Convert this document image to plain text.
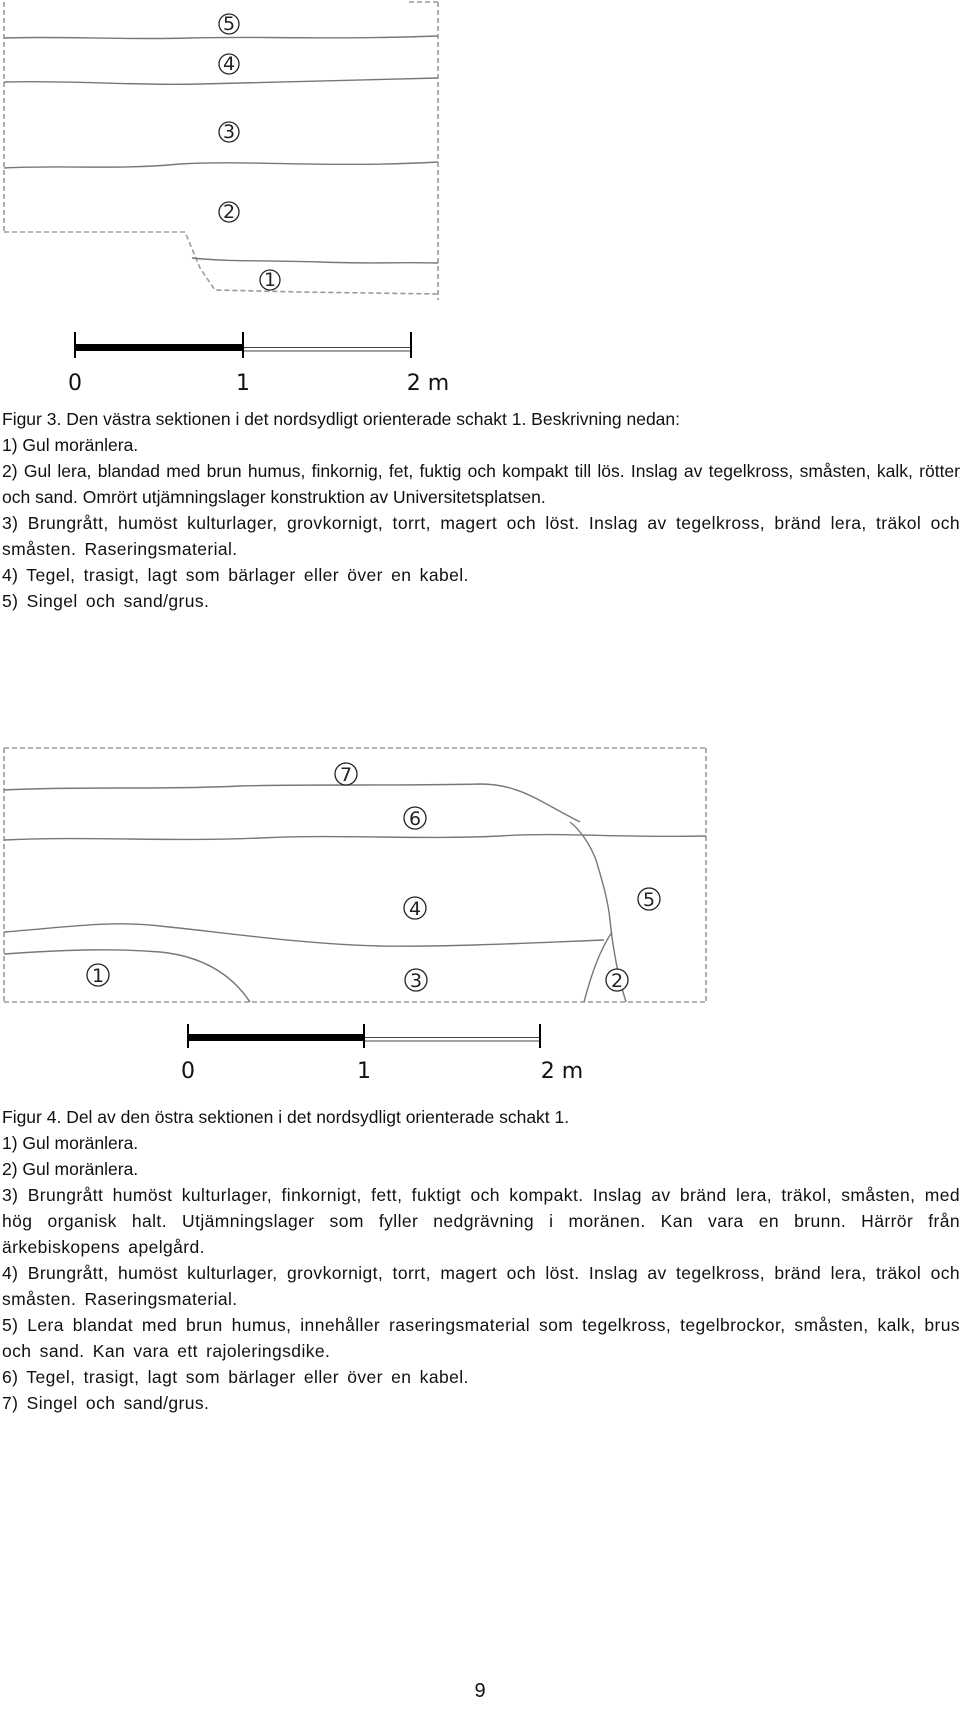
5
4
3
2
1
0	1	2 m

Figur 3. Den västra sektionen i det nordsydligt orienterade schakt 1. Beskrivning nedan:

1) Gul moränlera.

2) Gul lera, blandad med brun humus, finkornig, fet, fuktig och kompakt till lös. Inslag av tegelkross, småsten, kalk, rötter och sand. Omrört utjämningslager konstruktion av Universitetsplatsen.

3) Brungrått, humöst kulturlager, grovkornigt, torrt, magert och löst. Inslag av tegelkross, bränd lera, träkol och småsten. Raseringsmaterial.

4) Tegel, trasigt, lagt som bärlager eller över en kabel.

5) Singel och sand/grus.

7
6
4	5
1	3	2
0	1	2 m

Figur 4. Del av den östra sektionen i det nordsydligt orienterade schakt 1.

1) Gul moränlera.

2) Gul moränlera.

3) Brungrått humöst kulturlager, finkornigt, fett, fuktigt och kompakt. Inslag av bränd lera, träkol, småsten, med hög organisk halt. Utjämningslager som fyller nedgrävning i moränen. Kan vara en brunn. Härrör från ärkebiskopens apelgård.

4) Brungrått, humöst kulturlager, grovkornigt, torrt, magert och löst. Inslag av tegelkross, bränd lera, träkol och småsten. Raseringsmaterial.

5) Lera blandat med brun humus, innehåller raseringsmaterial som tegelkross, tegelbrockor, småsten, kalk, brus och sand. Kan vara ett rajoleringsdike.

6) Tegel, trasigt, lagt som bärlager eller över en kabel.

7) Singel och sand/grus.

9
